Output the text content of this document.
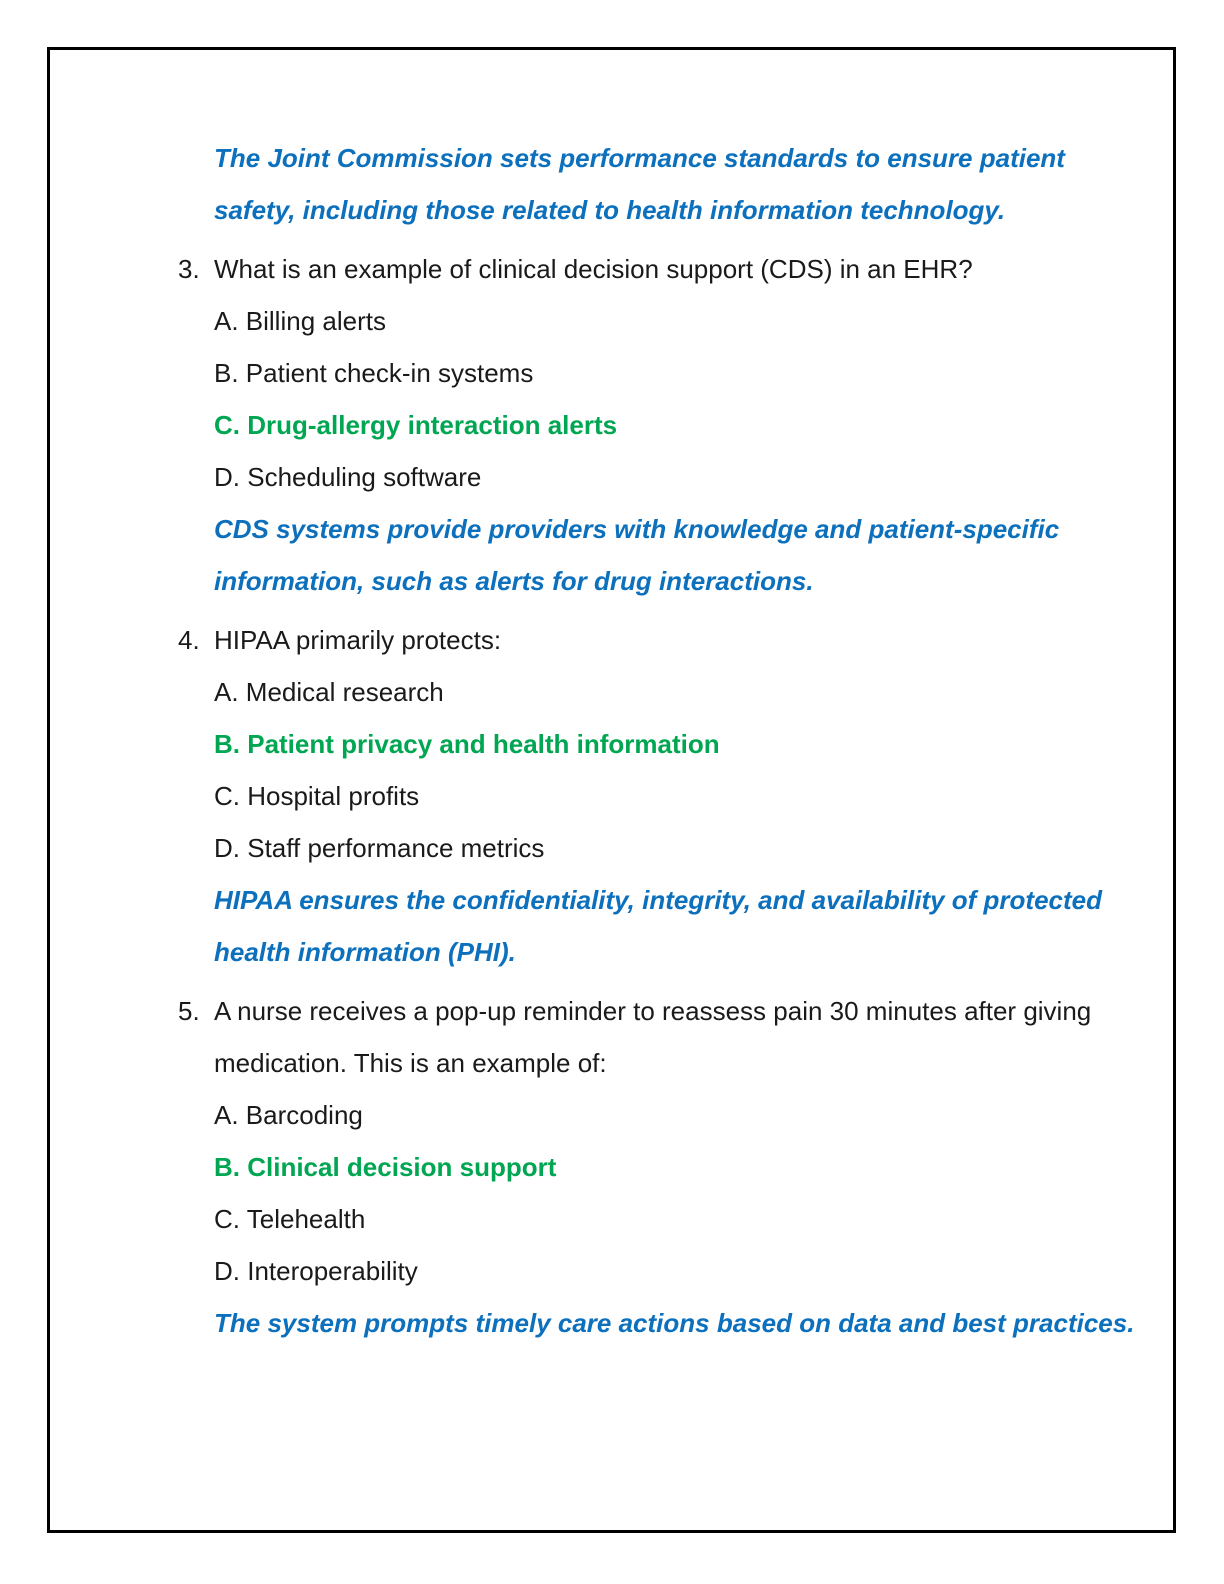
The Joint Commission sets performance standards to ensure patient
safety, including those related to health information technology.
3. What is an example of clinical decision support (CDS) in an EHR?
A. Billing alerts
B. Patient check-in systems
C. Drug-allergy interaction alerts
D. Scheduling software
CDS systems provide providers with knowledge and patient-specific
information, such as alerts for drug interactions.
4. HIPAA primarily protects:
A. Medical research
B. Patient privacy and health information
C. Hospital profits
D. Staff performance metrics
HIPAA ensures the confidentiality, integrity, and availability of protected
health information (PHI).
5. A nurse receives a pop-up reminder to reassess pain 30 minutes after giving
medication. This is an example of:
A. Barcoding
B. Clinical decision support
C. Telehealth
D. Interoperability
The system prompts timely care actions based on data and best practices.
